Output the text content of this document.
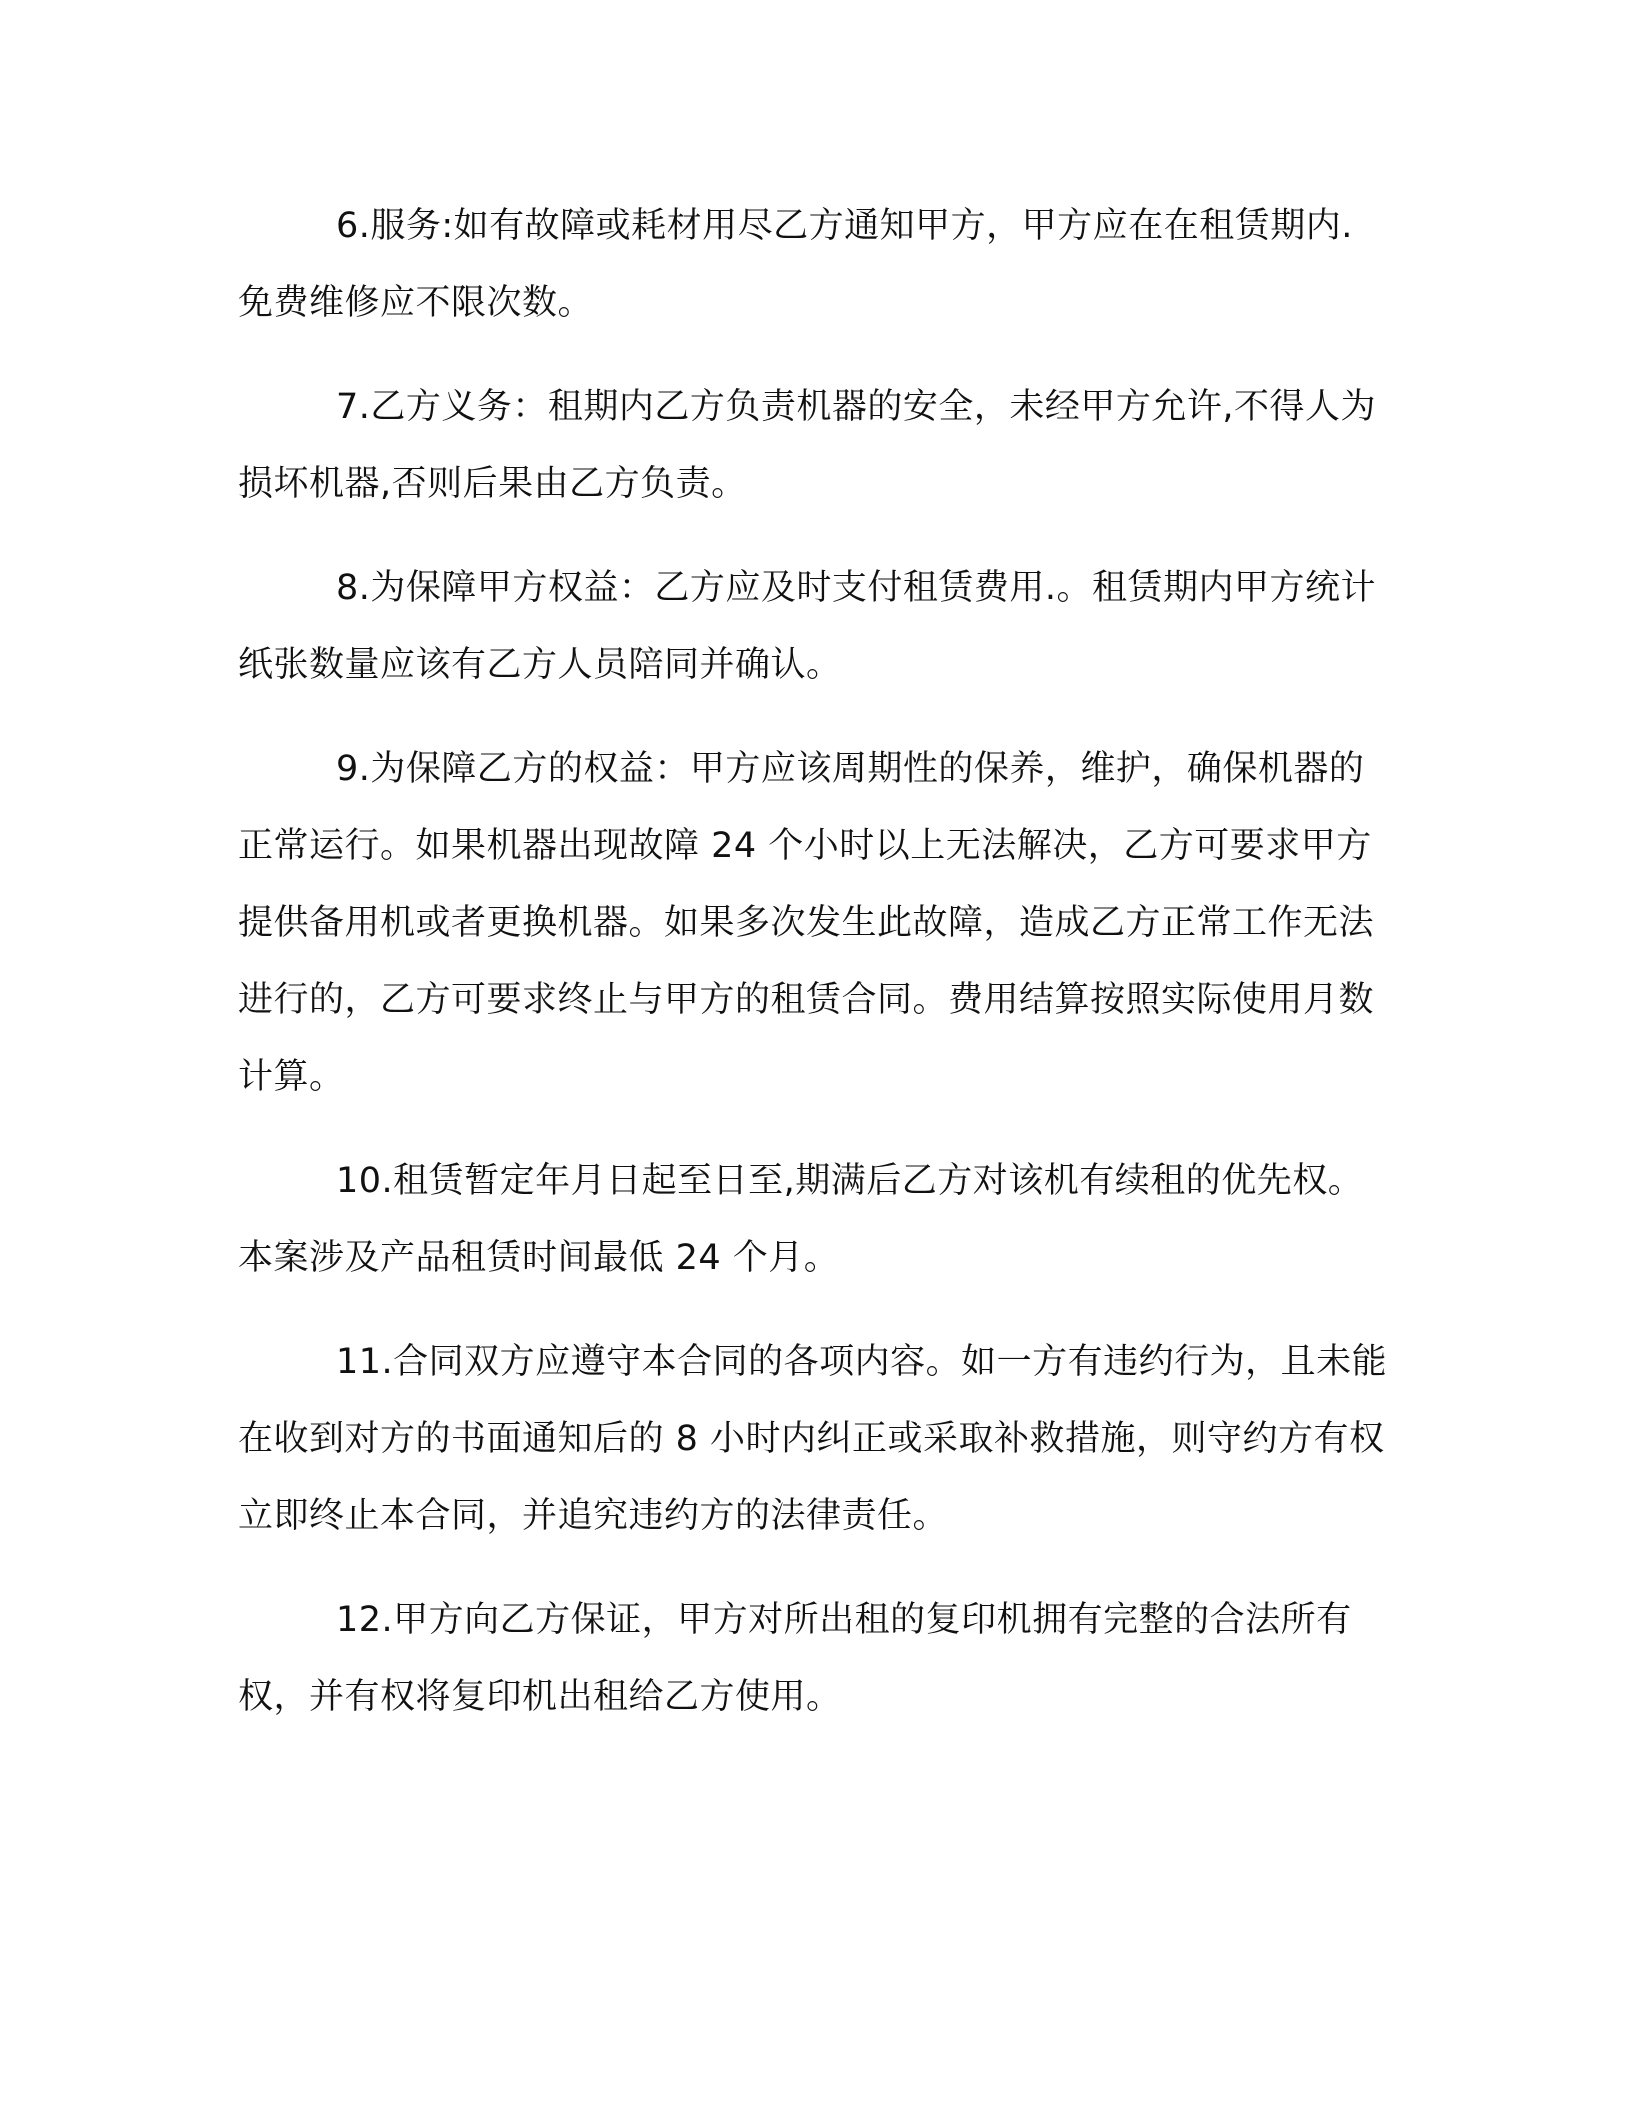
6.服务:如有故障或耗材用尽乙方通知甲方，甲方应在在租赁期内.免费维修应不限次数。

7.乙方义务：租期内乙方负责机器的安全，未经甲方允许,不得人为损坏机器,否则后果由乙方负责。

8.为保障甲方权益：乙方应及时支付租赁费用.。租赁期内甲方统计纸张数量应该有乙方人员陪同并确认。

9.为保障乙方的权益：甲方应该周期性的保养，维护，确保机器的正常运行。如果机器出现故障 24 个小时以上无法解决，乙方可要求甲方提供备用机或者更换机器。如果多次发生此故障，造成乙方正常工作无法进行的，乙方可要求终止与甲方的租赁合同。费用结算按照实际使用月数计算。

10.租赁暂定年月日起至日至,期满后乙方对该机有续租的优先权。本案涉及产品租赁时间最低 24 个月。

11.合同双方应遵守本合同的各项内容。如一方有违约行为，且未能在收到对方的书面通知后的 8 小时内纠正或采取补救措施，则守约方有权立即终止本合同，并追究违约方的法律责任。

12.甲方向乙方保证，甲方对所出租的复印机拥有完整的合法所有权，并有权将复印机出租给乙方使用。
